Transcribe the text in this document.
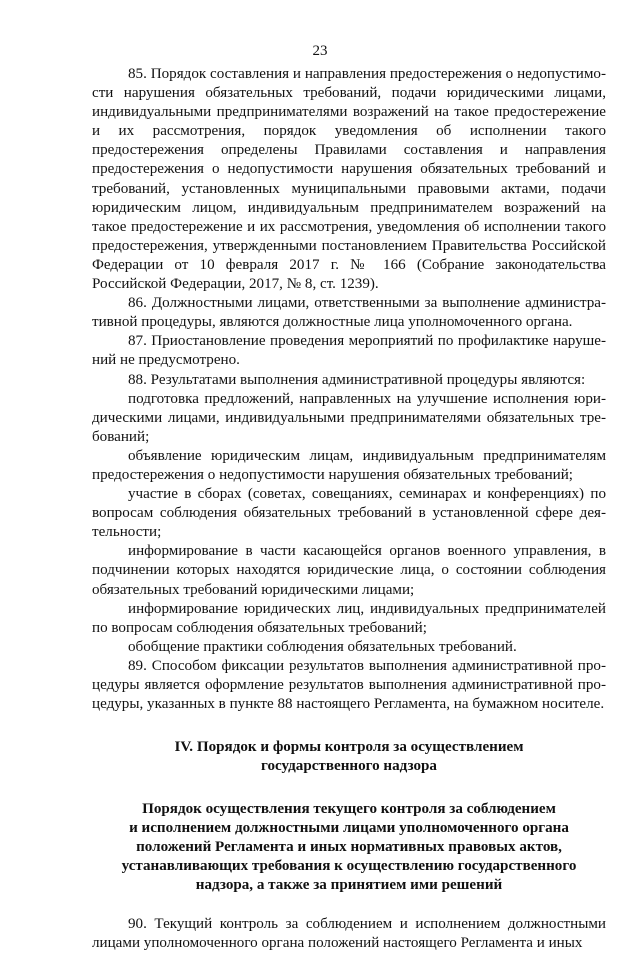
23

85. Порядок составления и направления предостережения о недопустимости нарушения обязательных требований, подачи юридическими лицами, индивидуальными предпринимателями возражений на такое предостережение и их рассмотрения, порядок уведомления об исполнении такого предостережения определены Правилами составления и направления предостережения о недопустимости нарушения обязательных требований и требований, установленных муниципальными правовыми актами, подачи юридическим лицом, индивидуальным предпринимателем возражений на такое предостережение и их рассмотрения, уведомления об исполнении такого предостережения, утвержденными постановлением Правительства Российской Федерации от 10 февраля 2017 г. № 166 (Собрание законодательства Российской Федерации, 2017, № 8, ст. 1239).

86. Должностными лицами, ответственными за выполнение административной процедуры, являются должностные лица уполномоченного органа.

87. Приостановление проведения мероприятий по профилактике нарушений не предусмотрено.

88. Результатами выполнения административной процедуры являются:

подготовка предложений, направленных на улучшение исполнения юридическими лицами, индивидуальными предпринимателями обязательных требований;

объявление юридическим лицам, индивидуальным предпринимателям предостережения о недопустимости нарушения обязательных требований;

участие в сборах (советах, совещаниях, семинарах и конференциях) по вопросам соблюдения обязательных требований в установленной сфере деятельности;

информирование в части касающейся органов военного управления, в подчинении которых находятся юридические лица, о состоянии соблюдения обязательных требований юридическими лицами;

информирование юридических лиц, индивидуальных предпринимателей по вопросам соблюдения обязательных требований;

обобщение практики соблюдения обязательных требований.

89. Способом фиксации результатов выполнения административной процедуры является оформление результатов выполнения административной процедуры, указанных в пункте 88 настоящего Регламента, на бумажном носителе.

IV. Порядок и формы контроля за осуществлением
государственного надзора
Порядок осуществления текущего контроля за соблюдением
и исполнением должностными лицами уполномоченного органа
положений Регламента и иных нормативных правовых актов,
устанавливающих требования к осуществлению государственного
надзора, а также за принятием ими решений

90. Текущий контроль за соблюдением и исполнением должностными лицами уполномоченного органа положений настоящего Регламента и иных
